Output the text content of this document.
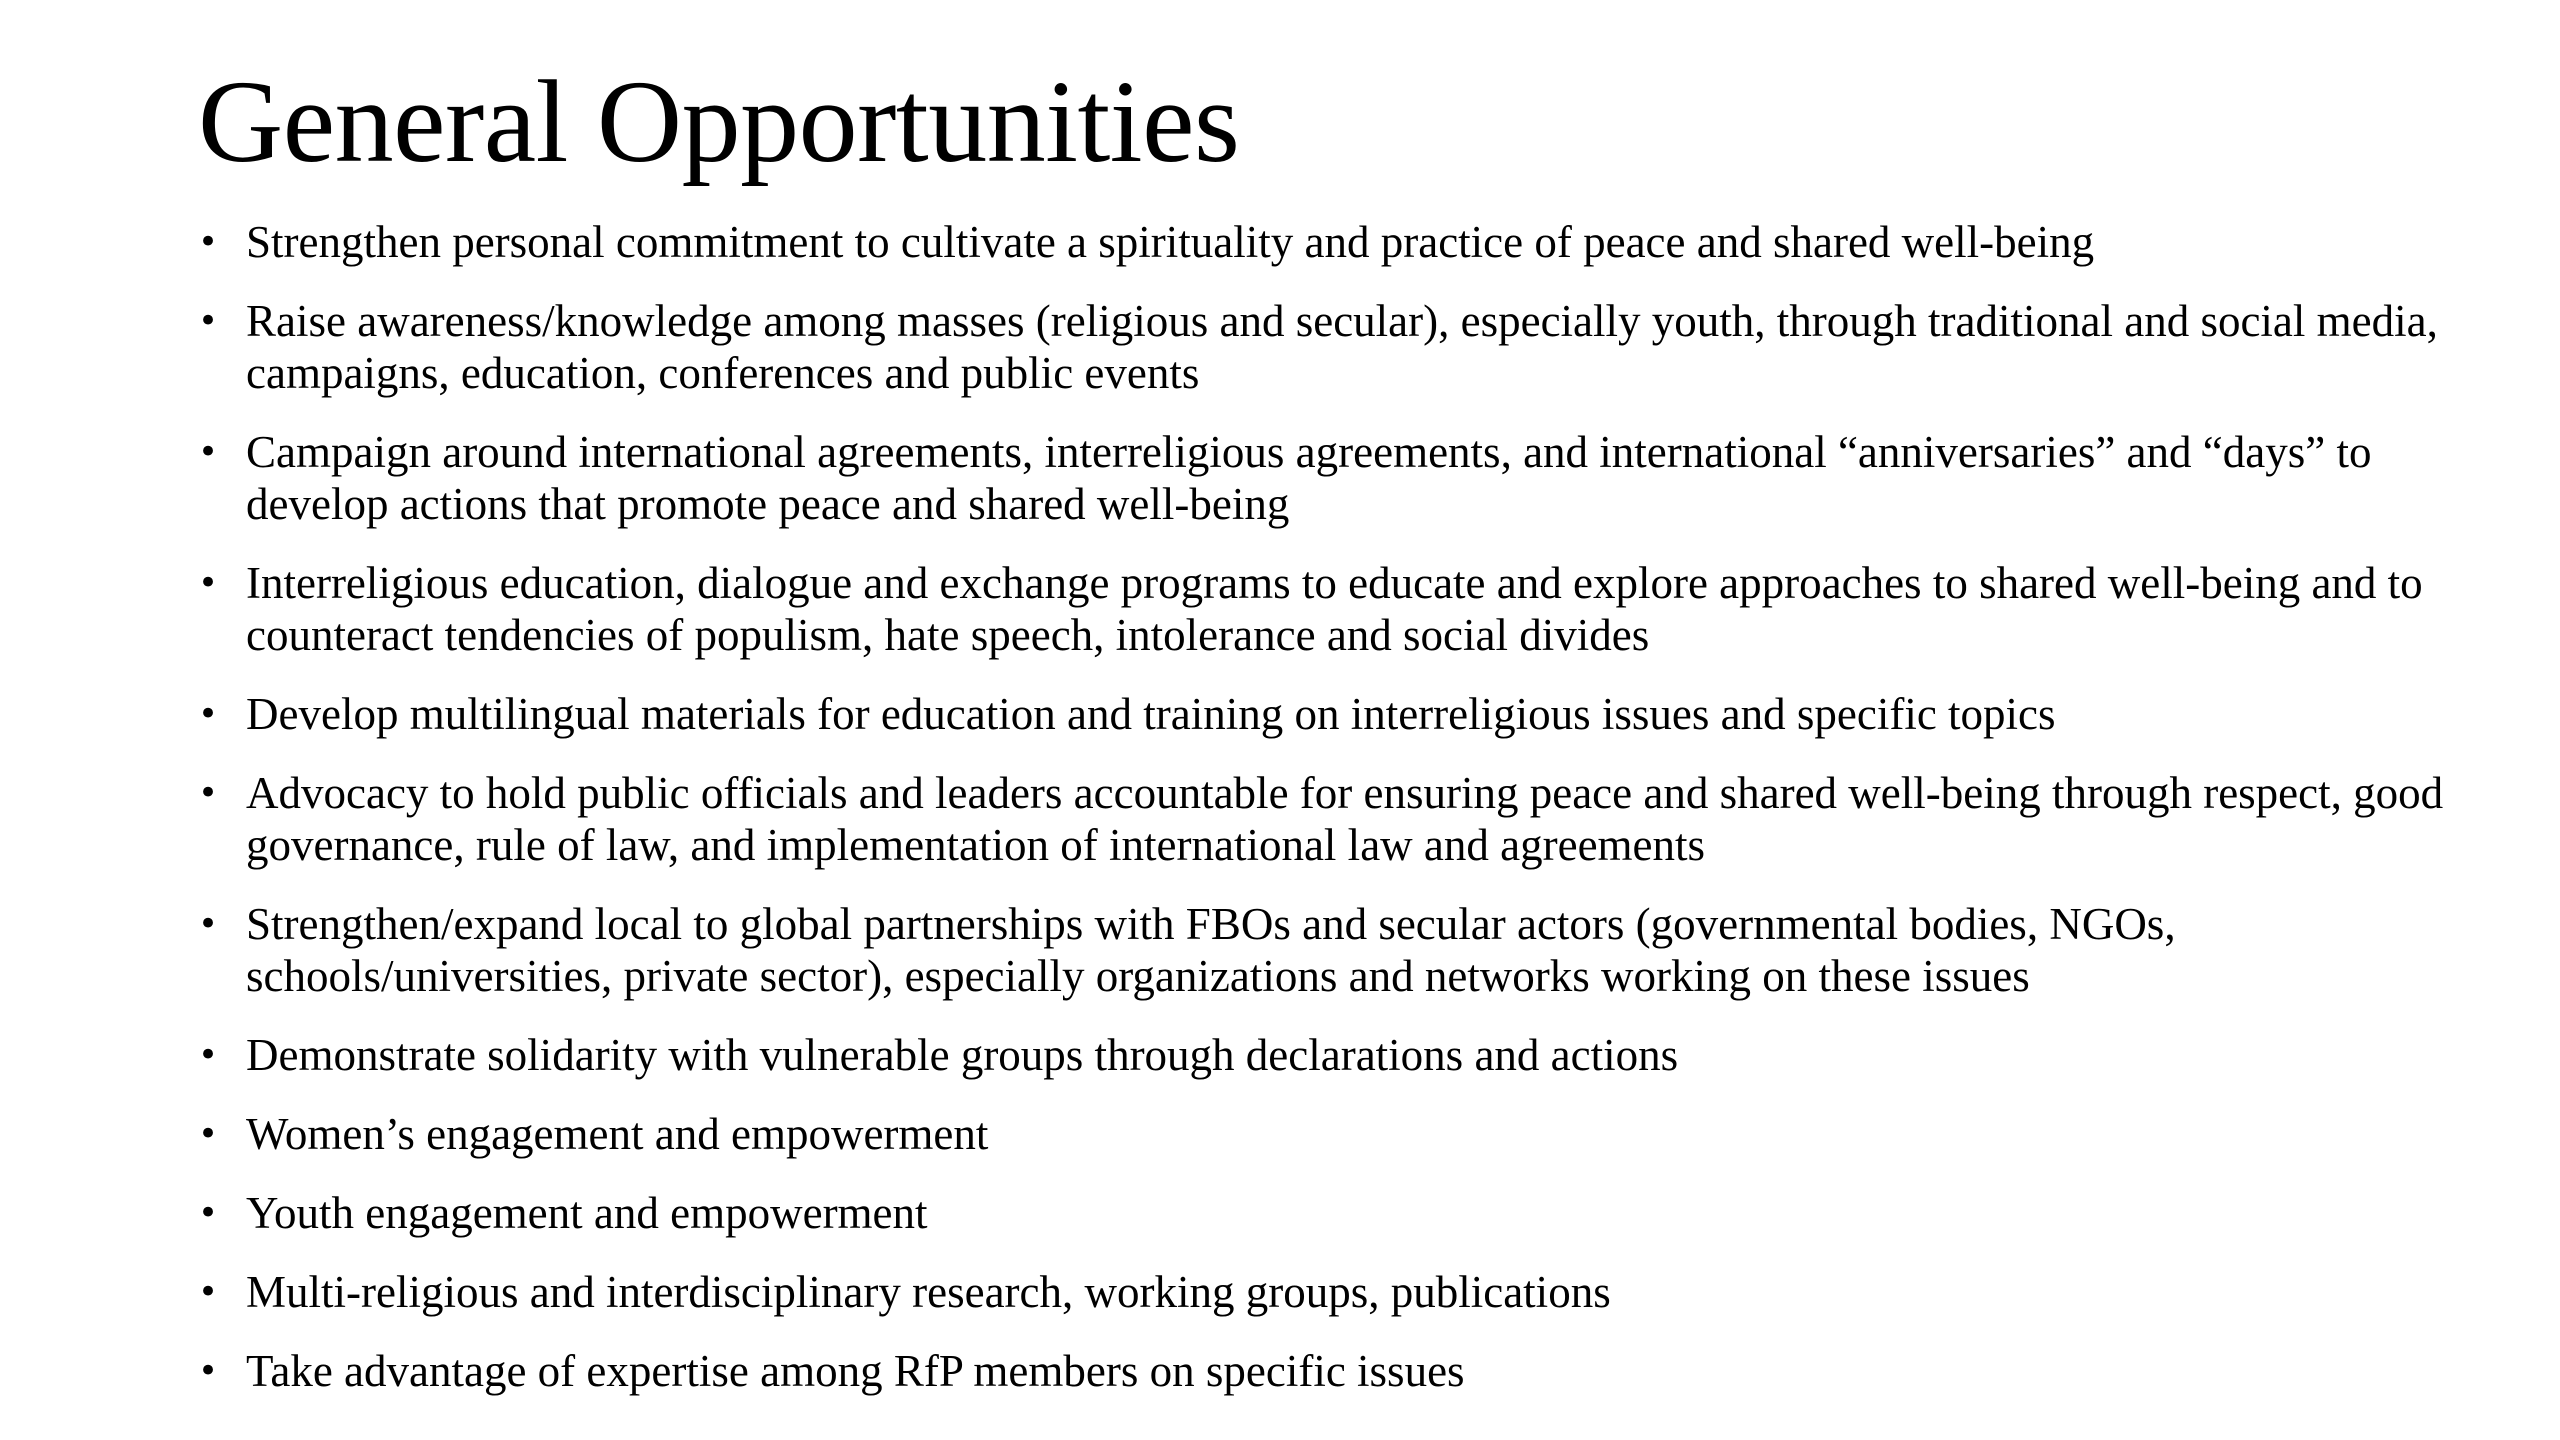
General Opportunities
• Strengthen personal commitment to cultivate a spirituality and practice of peace and shared well-being
• Raise awareness/knowledge among masses (religious and secular), especially youth, through traditional and social media, campaigns, education, conferences and public events
• Campaign around international agreements, interreligious agreements, and international “anniversaries” and “days” to develop actions that promote peace and shared well-being
• Interreligious education, dialogue and exchange programs to educate and explore approaches to shared well-being and to counteract tendencies of populism, hate speech, intolerance and social divides
• Develop multilingual materials for education and training on interreligious issues and specific topics
• Advocacy to hold public officials and leaders accountable for ensuring peace and shared well-being through respect, good governance, rule of law, and implementation of international law and agreements
• Strengthen/expand local to global partnerships with FBOs and secular actors (governmental bodies, NGOs, schools/universities, private sector), especially organizations and networks working on these issues
• Demonstrate solidarity with vulnerable groups through declarations and actions
• Women’s engagement and empowerment
• Youth engagement and empowerment
• Multi-religious and interdisciplinary research, working groups, publications
• Take advantage of expertise among RfP members on specific issues
